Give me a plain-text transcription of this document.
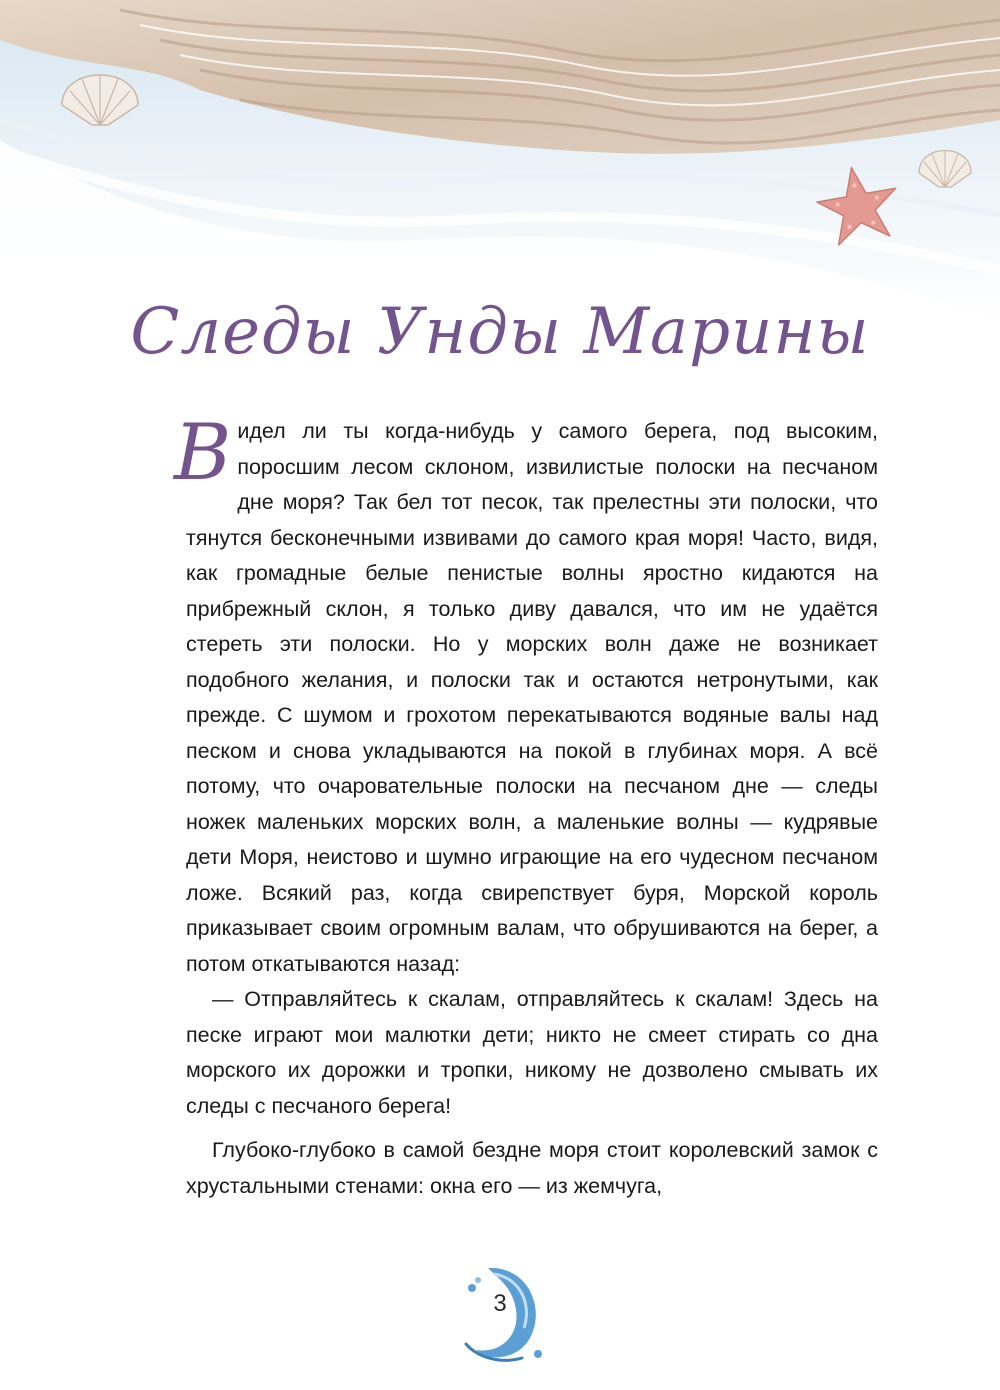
Следы Унды Марины

Видел ли ты когда-нибудь у самого берега, под высоким, поросшим лесом склоном, извилистые полоски на песчаном дне моря? Так бел тот песок, так прелестны эти полоски, что тянутся бесконечными извивами до самого края моря! Часто, видя, как громадные белые пенистые волны яростно кидаются на прибрежный склон, я только диву давался, что им не удаётся стереть эти полоски. Но у морских волн даже не возникает подобного желания, и полоски так и остаются нетронутыми, как прежде. С шумом и грохотом перекатываются водяные валы над песком и снова укладываются на покой в глубинах моря. А всё потому, что очаровательные полоски на песчаном дне — следы ножек маленьких морских волн, а маленькие волны — кудрявые дети Моря, неистово и шумно играющие на его чудесном песчаном ложе. Всякий раз, когда свирепствует буря, Морской король приказывает своим огромным валам, что обрушиваются на берег, а потом откатываются назад:

— Отправляйтесь к скалам, отправляйтесь к скалам! Здесь на песке играют мои малютки дети; никто не смеет стирать со дна морского их дорожки и тропки, никому не дозволено смывать их следы с песчаного берега!

Глубоко-глубоко в самой бездне моря стоит королевский замок с хрустальными стенами: окна его — из жемчуга,

3
